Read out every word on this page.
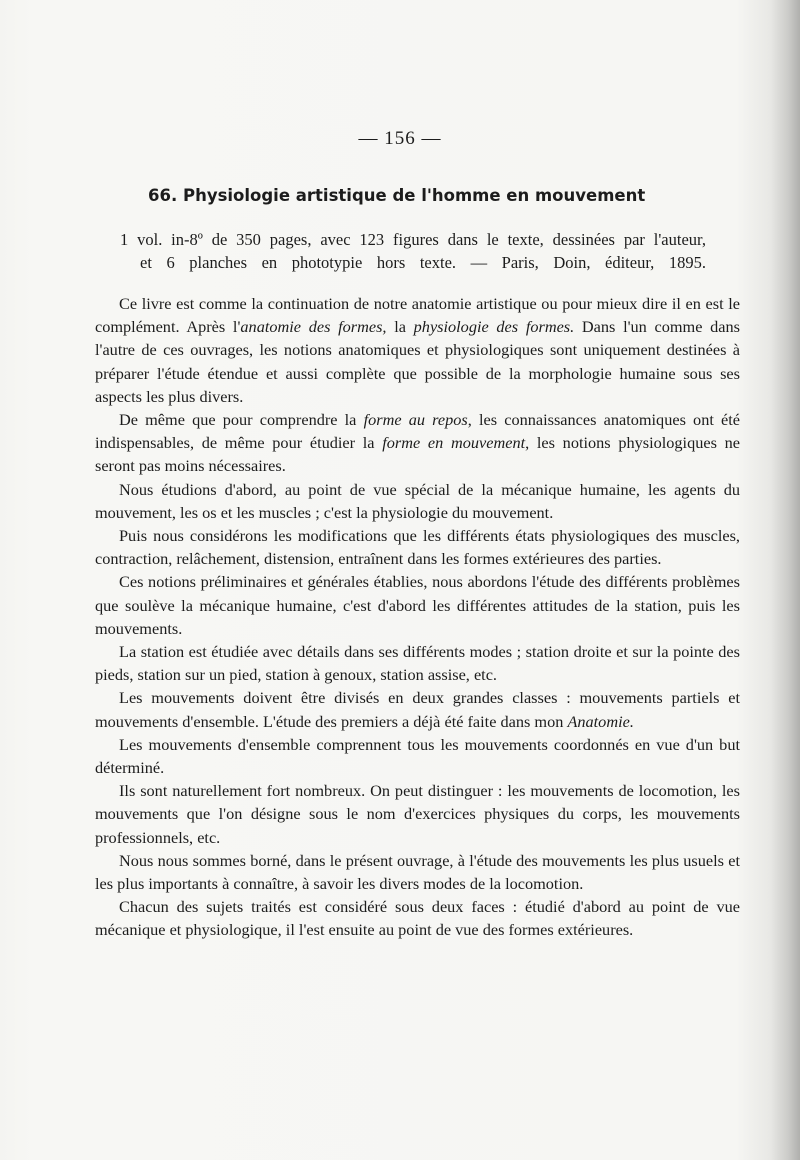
— 156 —
66. Physiologie artistique de l'homme en mouvement
1 vol. in-8º de 350 pages, avec 123 figures dans le texte, dessinées par l'auteur,
et 6 planches en phototypie hors texte. — Paris, Doin, éditeur, 1895.

Ce livre est comme la continuation de notre anatomie artistique ou pour mieux dire il en est le complément. Après l'anatomie des formes, la physiologie des formes. Dans l'un comme dans l'autre de ces ouvrages, les notions anatomiques et physiologiques sont uniquement destinées à préparer l'étude étendue et aussi complète que possible de la morphologie humaine sous ses aspects les plus divers.

De même que pour comprendre la forme au repos, les connaissances anatomiques ont été indispensables, de même pour étudier la forme en mouvement, les notions physiologiques ne seront pas moins nécessaires.

Nous étudions d'abord, au point de vue spécial de la mécanique humaine, les agents du mouvement, les os et les muscles ; c'est la physiologie du mouvement.

Puis nous considérons les modifications que les différents états physiologiques des muscles, contraction, relâchement, distension, entraînent dans les formes extérieures des parties.

Ces notions préliminaires et générales établies, nous abordons l'étude des différents problèmes que soulève la mécanique humaine, c'est d'abord les différentes attitudes de la station, puis les mouvements.

La station est étudiée avec détails dans ses différents modes ; station droite et sur la pointe des pieds, station sur un pied, station à genoux, station assise, etc.

Les mouvements doivent être divisés en deux grandes classes : mouvements partiels et mouvements d'ensemble. L'étude des premiers a déjà été faite dans mon Anatomie.

Les mouvements d'ensemble comprennent tous les mouvements coordonnés en vue d'un but déterminé.

Ils sont naturellement fort nombreux. On peut distinguer : les mouvements de locomotion, les mouvements que l'on désigne sous le nom d'exercices physiques du corps, les mouvements professionnels, etc.

Nous nous sommes borné, dans le présent ouvrage, à l'étude des mouvements les plus usuels et les plus importants à connaître, à savoir les divers modes de la locomotion.

Chacun des sujets traités est considéré sous deux faces : étudié d'abord au point de vue mécanique et physiologique, il l'est ensuite au point de vue des formes extérieures.
